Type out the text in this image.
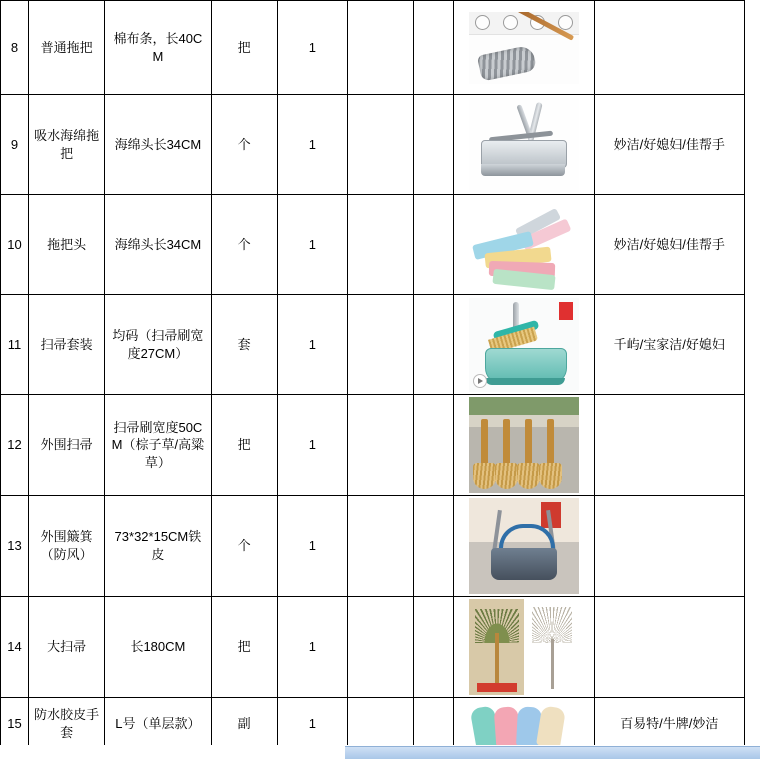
8	普通拖把	棉布条，长40CM	把	1			

9	吸水海绵拖把	海绵头长34CM	个	1				妙洁/好媳妇/佳帮手
10	拖把头	海绵头长34CM	个	1				妙洁/好媳妇/佳帮手
11	扫帚套装	均码（扫帚刷宽度27CM）	套	1				千屿/宝家洁/好媳妇
12	外围扫帚	扫帚刷宽度50CM（棕子草/高粱草）	把	1			

13	外围簸箕（防风）	73*32*15CM铁皮	个	1			

14	大扫帚	长180CM	把	1			

15	防水胶皮手套	L号（单层款）	副	1				百易特/牛牌/妙洁
